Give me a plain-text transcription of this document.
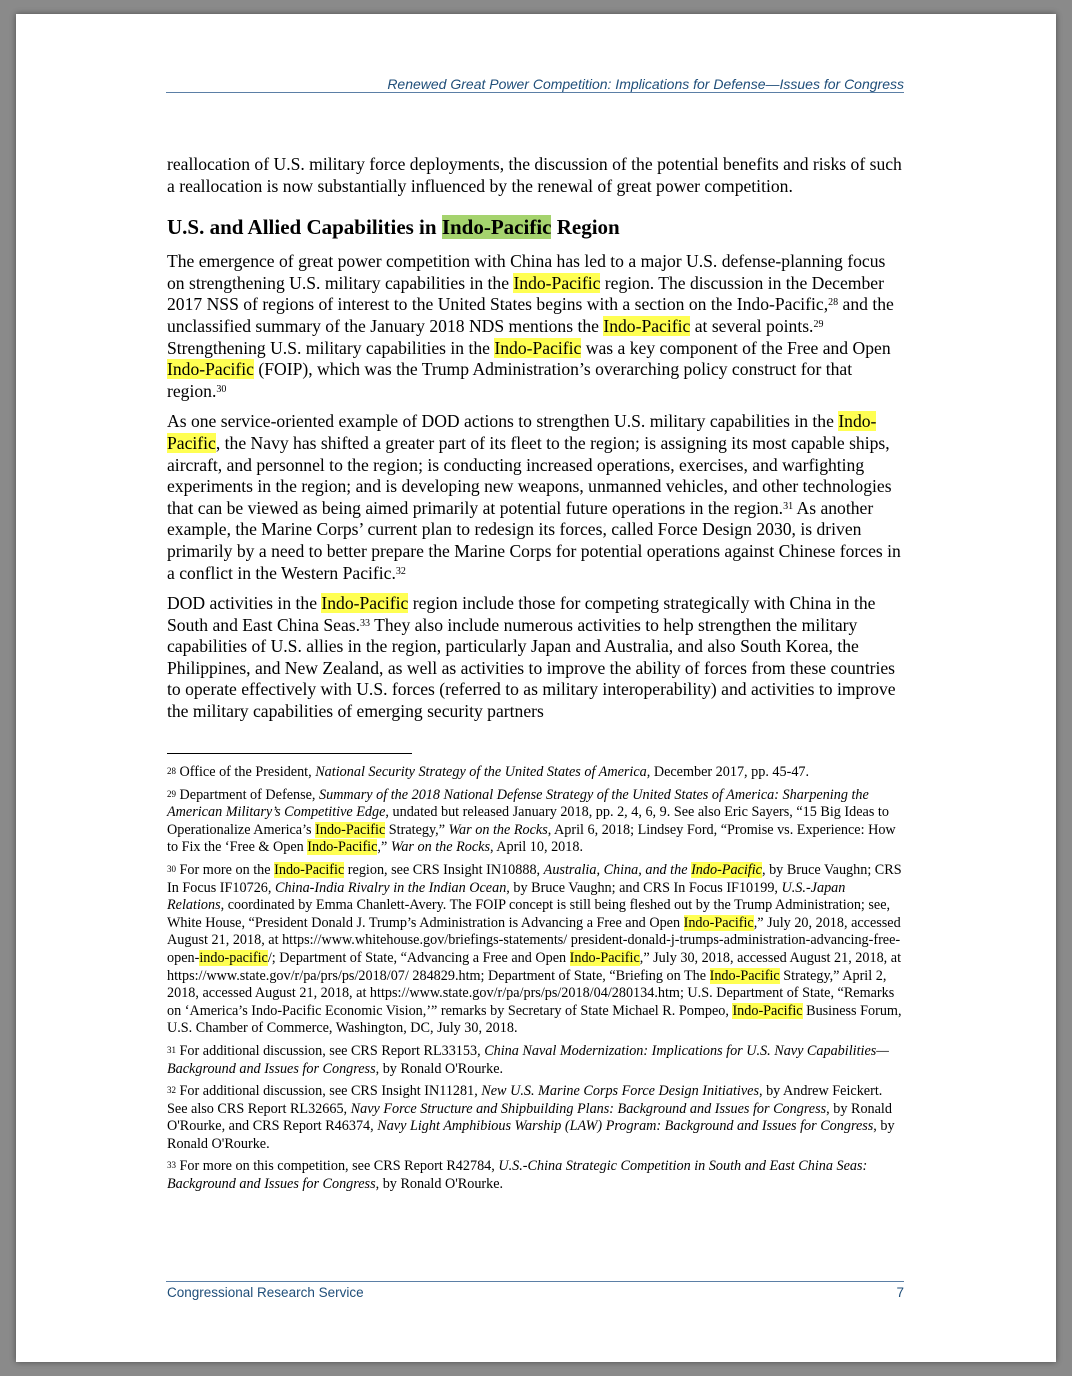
Renewed Great Power Competition: Implications for Defense—Issues for Congress

reallocation of U.S. military force deployments, the discussion of the potential benefits and risks of such a reallocation is now substantially influenced by the renewal of great power competition.

U.S. and Allied Capabilities in Indo-Pacific Region

The emergence of great power competition with China has led to a major U.S. defense-planning focus on strengthening U.S. military capabilities in the Indo-Pacific region. The discussion in the December 2017 NSS of regions of interest to the United States begins with a section on the Indo-Pacific,$^{28}$ and the unclassified summary of the January 2018 NDS mentions the Indo-Pacific at several points.$^{29}$ Strengthening U.S. military capabilities in the Indo-Pacific was a key component of the Free and Open Indo-Pacific (FOIP), which was the Trump Administration’s overarching policy construct for that region.$^{30}$

As one service-oriented example of DOD actions to strengthen U.S. military capabilities in the Indo-Pacific, the Navy has shifted a greater part of its fleet to the region; is assigning its most capable ships, aircraft, and personnel to the region; is conducting increased operations, exercises, and warfighting experiments in the region; and is developing new weapons, unmanned vehicles, and other technologies that can be viewed as being aimed primarily at potential future operations in the region.$^{31}$ As another example, the Marine Corps’ current plan to redesign its forces, called Force Design 2030, is driven primarily by a need to better prepare the Marine Corps for potential operations against Chinese forces in a conflict in the Western Pacific.$^{32}$

DOD activities in the Indo-Pacific region include those for competing strategically with China in the South and East China Seas.$^{33}$ They also include numerous activities to help strengthen the military capabilities of U.S. allies in the region, particularly Japan and Australia, and also South Korea, the Philippines, and New Zealand, as well as activities to improve the ability of forces from these countries to operate effectively with U.S. forces (referred to as military interoperability) and activities to improve the military capabilities of emerging security partners

$^{28}$ Office of the President, National Security Strategy of the United States of America, December 2017, pp. 45-47.

$^{29}$ Department of Defense, Summary of the 2018 National Defense Strategy of the United States of America: Sharpening the American Military’s Competitive Edge, undated but released January 2018, pp. 2, 4, 6, 9. See also Eric Sayers, “15 Big Ideas to Operationalize America’s Indo-Pacific Strategy,” War on the Rocks, April 6, 2018; Lindsey Ford, “Promise vs. Experience: How to Fix the ‘Free & Open Indo-Pacific,” War on the Rocks, April 10, 2018.

$^{30}$ For more on the Indo-Pacific region, see CRS Insight IN10888, Australia, China, and the Indo-Pacific, by Bruce Vaughn; CRS In Focus IF10726, China-India Rivalry in the Indian Ocean, by Bruce Vaughn; and CRS In Focus IF10199, U.S.-Japan Relations, coordinated by Emma Chanlett-Avery. The FOIP concept is still being fleshed out by the Trump Administration; see, White House, “President Donald J. Trump’s Administration is Advancing a Free and Open Indo-Pacific,” July 20, 2018, accessed August 21, 2018, at https://www.whitehouse.gov/briefings-statements/ president-donald-j-trumps-administration-advancing-free-open-indo-pacific/; Department of State, “Advancing a Free and Open Indo-Pacific,” July 30, 2018, accessed August 21, 2018, at https://www.state.gov/r/pa/prs/ps/2018/07/ 284829.htm; Department of State, “Briefing on The Indo-Pacific Strategy,” April 2, 2018, accessed August 21, 2018, at https://www.state.gov/r/pa/prs/ps/2018/04/280134.htm; U.S. Department of State, “Remarks on ‘America’s Indo-Pacific Economic Vision,’” remarks by Secretary of State Michael R. Pompeo, Indo-Pacific Business Forum, U.S. Chamber of Commerce, Washington, DC, July 30, 2018.

$^{31}$ For additional discussion, see CRS Report RL33153, China Naval Modernization: Implications for U.S. Navy Capabilities—Background and Issues for Congress, by Ronald O'Rourke.

$^{32}$ For additional discussion, see CRS Insight IN11281, New U.S. Marine Corps Force Design Initiatives, by Andrew Feickert. See also CRS Report RL32665, Navy Force Structure and Shipbuilding Plans: Background and Issues for Congress, by Ronald O'Rourke, and CRS Report R46374, Navy Light Amphibious Warship (LAW) Program: Background and Issues for Congress, by Ronald O'Rourke.

$^{33}$ For more on this competition, see CRS Report R42784, U.S.-China Strategic Competition in South and East China Seas: Background and Issues for Congress, by Ronald O'Rourke.

Congressional Research Service	7
